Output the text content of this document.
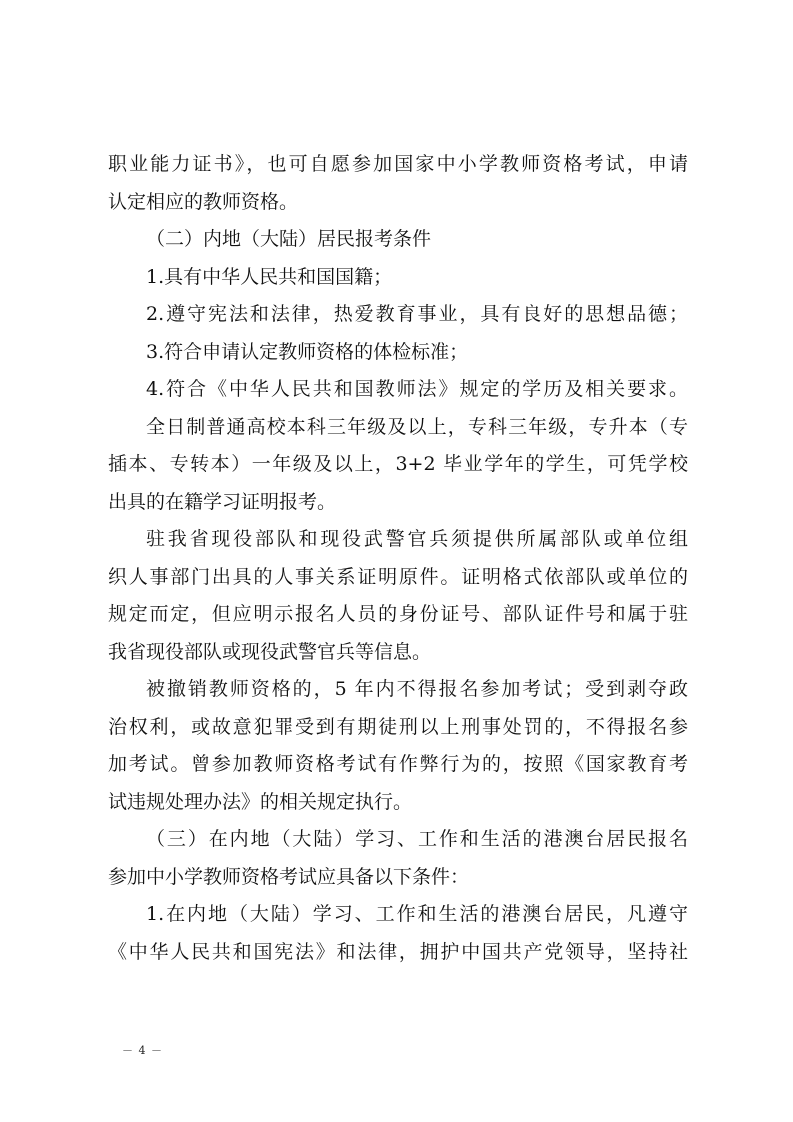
职业能力证书》，也可自愿参加国家中小学教师资格考试，申请
认定相应的教师资格。
（二）内地（大陆）居民报考条件
1.具有中华人民共和国国籍；
2.遵守宪法和法律，热爱教育事业，具有良好的思想品德；
3.符合申请认定教师资格的体检标准；
4.符合《中华人民共和国教师法》规定的学历及相关要求。
全日制普通高校本科三年级及以上，专科三年级，专升本（专
插本、专转本）一年级及以上，3+2 毕业学年的学生，可凭学校
出具的在籍学习证明报考。
驻我省现役部队和现役武警官兵须提供所属部队或单位组
织人事部门出具的人事关系证明原件。证明格式依部队或单位的
规定而定，但应明示报名人员的身份证号、部队证件号和属于驻
我省现役部队或现役武警官兵等信息。
被撤销教师资格的，5 年内不得报名参加考试；受到剥夺政
治权利，或故意犯罪受到有期徒刑以上刑事处罚的，不得报名参
加考试。曾参加教师资格考试有作弊行为的，按照《国家教育考
试违规处理办法》的相关规定执行。
（三）在内地（大陆）学习、工作和生活的港澳台居民报名
参加中小学教师资格考试应具备以下条件：
1.在内地（大陆）学习、工作和生活的港澳台居民，凡遵守
《中华人民共和国宪法》和法律，拥护中国共产党领导，坚持社
－ 4 －
